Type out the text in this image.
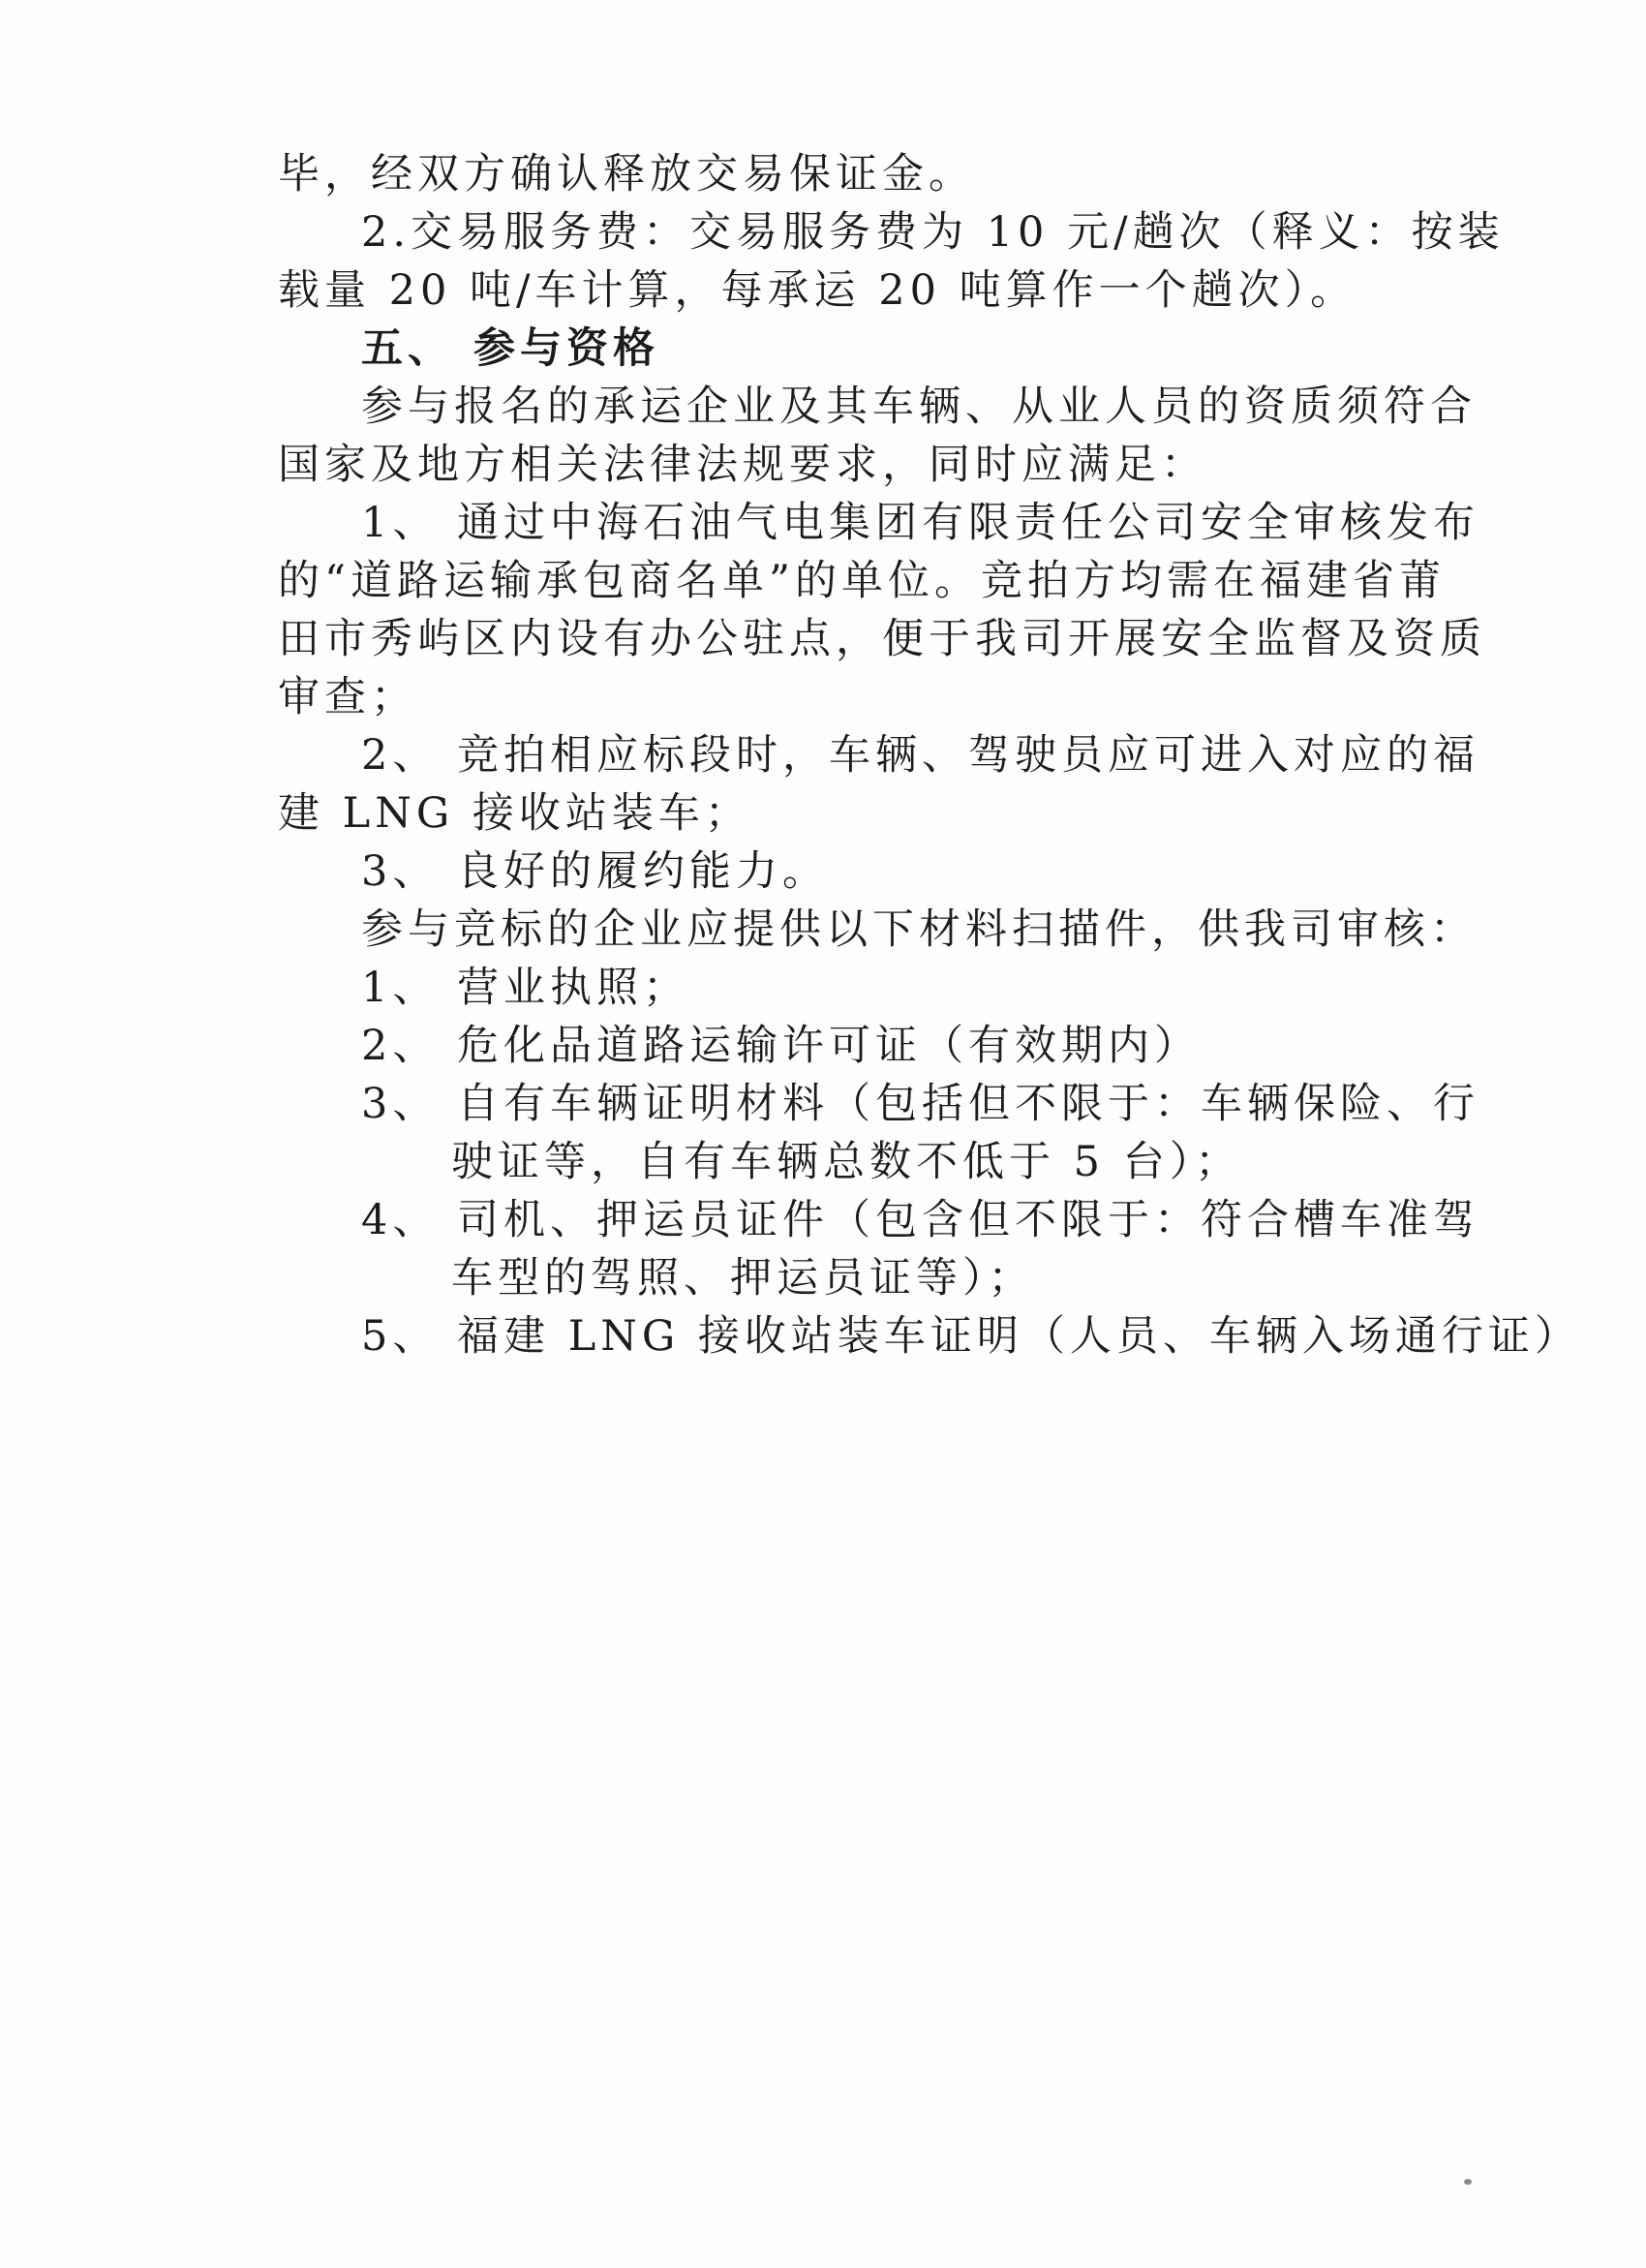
毕，经双方确认释放交易保证金。
2.交易服务费：交易服务费为 10 元/趟次（释义：按装
载量 20 吨/车计算，每承运 20 吨算作一个趟次）。
五、 参与资格
参与报名的承运企业及其车辆、从业人员的资质须符合
国家及地方相关法律法规要求，同时应满足：
1、 通过中海石油气电集团有限责任公司安全审核发布
的“道路运输承包商名单”的单位。竞拍方均需在福建省莆
田市秀屿区内设有办公驻点，便于我司开展安全监督及资质
审查；
2、 竞拍相应标段时，车辆、驾驶员应可进入对应的福
建 LNG 接收站装车；
3、 良好的履约能力。
参与竞标的企业应提供以下材料扫描件，供我司审核：
1、 营业执照；
2、 危化品道路运输许可证（有效期内）
3、 自有车辆证明材料（包括但不限于：车辆保险、行
驶证等，自有车辆总数不低于 5 台）；
4、 司机、押运员证件（包含但不限于：符合槽车准驾
车型的驾照、押运员证等）；
5、 福建 LNG 接收站装车证明（人员、车辆入场通行证）
